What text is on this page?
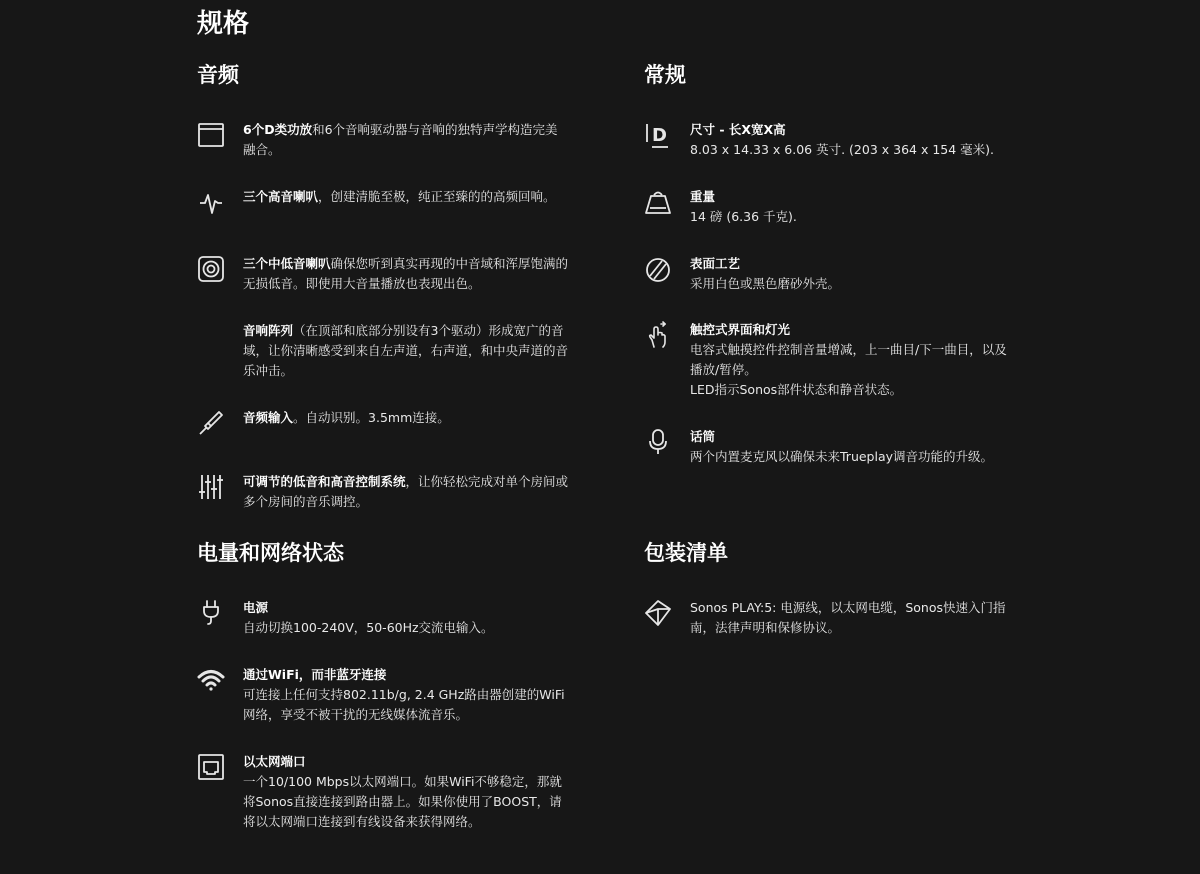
规格
音频
6个D类功放和6个音响驱动器与音响的独特声学构造完美融合。
三个高音喇叭，创建清脆至极，纯正至臻的的高频回响。
三个中低音喇叭确保您听到真实再现的中音域和浑厚饱满的无损低音。即使用大音量播放也表现出色。
音响阵列（在顶部和底部分别设有3个驱动）形成宽广的音域，让你清晰感受到来自左声道，右声道，和中央声道的音乐冲击。
音频输入。自动识别。3.5mm连接。
可调节的低音和高音控制系统，让你轻松完成对单个房间或多个房间的音乐调控。
常规
D 尺寸 - 长X宽X高
8.03 x 14.33 x 6.06 英寸. (203 x 364 x 154 毫米).
重量
14 磅 (6.36 千克).
表面工艺
采用白色或黑色磨砂外壳。
触控式界面和灯光
电容式触摸控件控制音量增减，上一曲目/下一曲目，以及播放/暂停。
LED指示Sonos部件状态和静音状态。
话筒
两个内置麦克风以确保未来Trueplay调音功能的升级。
电量和网络状态
电源
自动切换100-240V，50-60Hz交流电输入。
通过WiFi，而非蓝牙连接
可连接上任何支持802.11b/g, 2.4 GHz路由器创建的WiFi网络，享受不被干扰的无线媒体流音乐。
以太网端口
一个10/100 Mbps以太网端口。如果WiFi不够稳定，那就将Sonos直接连接到路由器上。如果你使用了BOOST，请将以太网端口连接到有线设备来获得网络。
包装清单
Sonos PLAY:5: 电源线，以太网电缆，Sonos快速入门指南，法律声明和保修协议。
